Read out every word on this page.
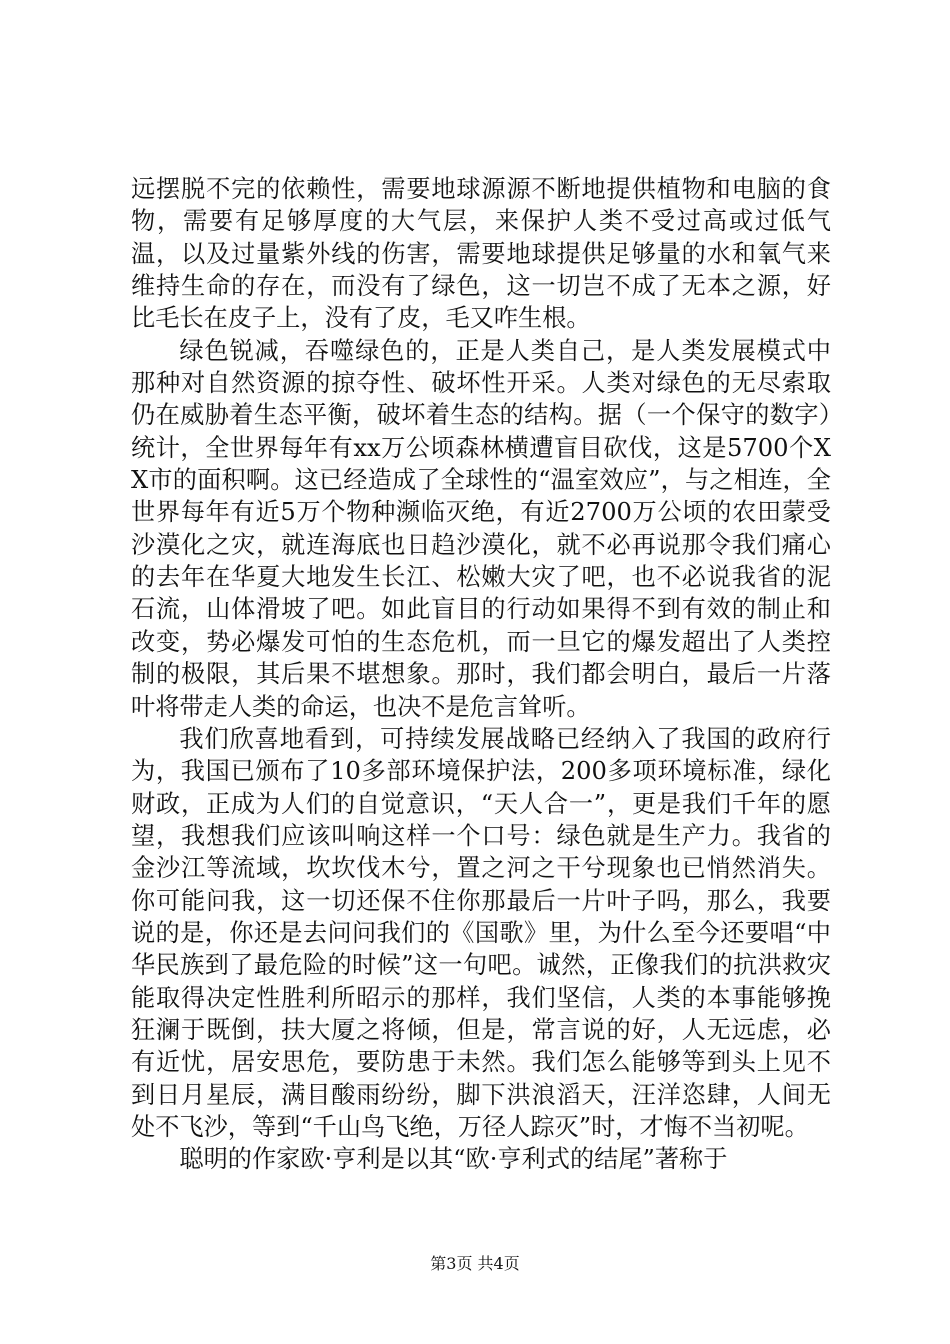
远摆脱不完的依赖性，需要地球源源不断地提供植物和电脑的食物，需要有足够厚度的大气层，来保护人类不受过高或过低气温，以及过量紫外线的伤害，需要地球提供足够量的水和氧气来维持生命的存在，而没有了绿色，这一切岂不成了无本之源，好比毛长在皮子上，没有了皮，毛又咋生根。

绿色锐减，吞噬绿色的，正是人类自己，是人类发展模式中那种对自然资源的掠夺性、破坏性开采。人类对绿色的无尽索取仍在威胁着生态平衡，破坏着生态的结构。据（一个保守的数字）统计，全世界每年有xx万公顷森林横遭盲目砍伐，这是5700个XX市的面积啊。这已经造成了全球性的“温室效应”，与之相连，全世界每年有近5万个物种濒临灭绝，有近2700万公顷的农田蒙受沙漠化之灾，就连海底也日趋沙漠化，就不必再说那令我们痛心的去年在华夏大地发生长江、松嫩大灾了吧，也不必说我省的泥石流，山体滑坡了吧。如此盲目的行动如果得不到有效的制止和改变，势必爆发可怕的生态危机，而一旦它的爆发超出了人类控制的极限，其后果不堪想象。那时，我们都会明白，最后一片落叶将带走人类的命运，也决不是危言耸听。

我们欣喜地看到，可持续发展战略已经纳入了我国的政府行为，我国已颁布了10多部环境保护法，200多项环境标准，绿化财政，正成为人们的自觉意识，“天人合一”，更是我们千年的愿望，我想我们应该叫响这样一个口号：绿色就是生产力。我省的金沙江等流域，坎坎伐木兮，置之河之干兮现象也已悄然消失。你可能问我，这一切还保不住你那最后一片叶子吗，那么，我要说的是，你还是去问问我们的《国歌》里，为什么至今还要唱“中华民族到了最危险的时候”这一句吧。诚然，正像我们的抗洪救灾能取得决定性胜利所昭示的那样，我们坚信，人类的本事能够挽狂澜于既倒，扶大厦之将倾，但是，常言说的好，人无远虑，必有近忧，居安思危，要防患于未然。我们怎么能够等到头上见不到日月星辰，满目酸雨纷纷，脚下洪浪滔天，汪洋恣肆，人间无处不飞沙，等到“千山鸟飞绝，万径人踪灭”时，才悔不当初呢。

聪明的作家欧·亨利是以其“欧·亨利式的结尾”著称于

第3页 共4页
